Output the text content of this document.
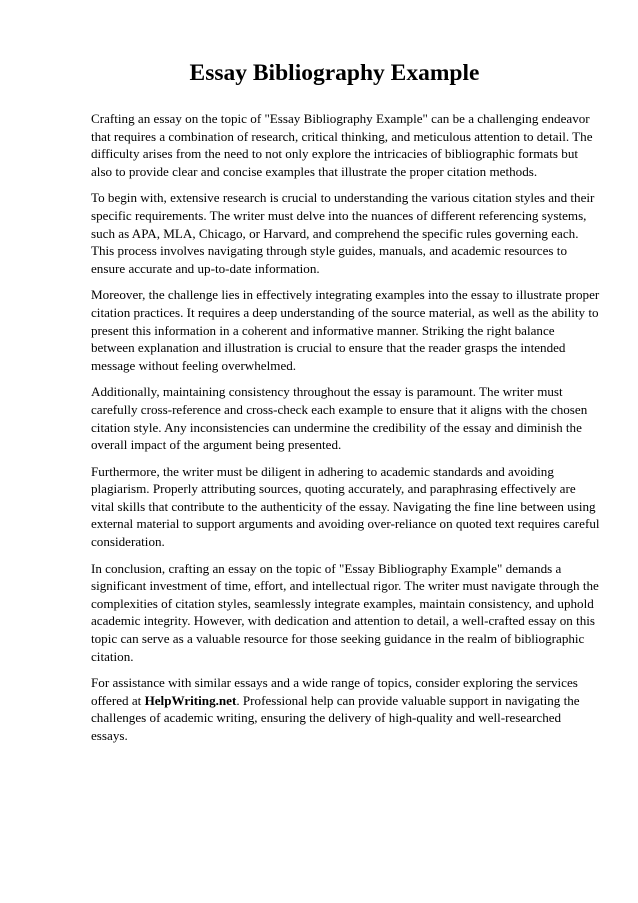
Essay Bibliography Example

Crafting an essay on the topic of "Essay Bibliography Example" can be a challenging endeavor that requires a combination of research, critical thinking, and meticulous attention to detail. The difficulty arises from the need to not only explore the intricacies of bibliographic formats but also to provide clear and concise examples that illustrate the proper citation methods.

To begin with, extensive research is crucial to understanding the various citation styles and their specific requirements. The writer must delve into the nuances of different referencing systems, such as APA, MLA, Chicago, or Harvard, and comprehend the specific rules governing each. This process involves navigating through style guides, manuals, and academic resources to ensure accurate and up-to-date information.

Moreover, the challenge lies in effectively integrating examples into the essay to illustrate proper citation practices. It requires a deep understanding of the source material, as well as the ability to present this information in a coherent and informative manner. Striking the right balance between explanation and illustration is crucial to ensure that the reader grasps the intended message without feeling overwhelmed.

Additionally, maintaining consistency throughout the essay is paramount. The writer must carefully cross-reference and cross-check each example to ensure that it aligns with the chosen citation style. Any inconsistencies can undermine the credibility of the essay and diminish the overall impact of the argument being presented.

Furthermore, the writer must be diligent in adhering to academic standards and avoiding plagiarism. Properly attributing sources, quoting accurately, and paraphrasing effectively are vital skills that contribute to the authenticity of the essay. Navigating the fine line between using external material to support arguments and avoiding over-reliance on quoted text requires careful consideration.

In conclusion, crafting an essay on the topic of "Essay Bibliography Example" demands a significant investment of time, effort, and intellectual rigor. The writer must navigate through the complexities of citation styles, seamlessly integrate examples, maintain consistency, and uphold academic integrity. However, with dedication and attention to detail, a well-crafted essay on this topic can serve as a valuable resource for those seeking guidance in the realm of bibliographic citation.

For assistance with similar essays and a wide range of topics, consider exploring the services offered at HelpWriting.net. Professional help can provide valuable support in navigating the challenges of academic writing, ensuring the delivery of high-quality and well-researched essays.
